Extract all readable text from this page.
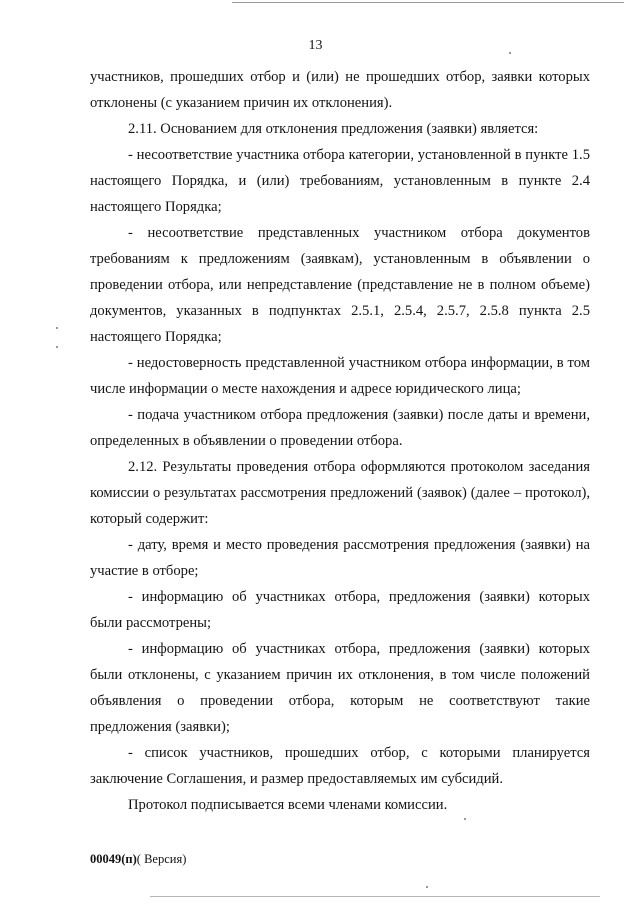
13

участников, прошедших отбор и (или) не прошедших отбор, заявки которых отклонены (с указанием причин их отклонения).

2.11. Основанием для отклонения предложения (заявки) является:

- несоответствие участника отбора категории, установленной в пункте 1.5 настоящего Порядка, и (или) требованиям, установленным в пункте 2.4 настоящего Порядка;

- несоответствие представленных участником отбора документов требованиям к предложениям (заявкам), установленным в объявлении о проведении отбора, или непредставление (представление не в полном объеме) документов, указанных в подпунктах 2.5.1, 2.5.4, 2.5.7, 2.5.8 пункта 2.5 настоящего Порядка;

- недостоверность представленной участником отбора информации, в том числе информации о месте нахождения и адресе юридического лица;

- подача участником отбора предложения (заявки) после даты и времени, определенных в объявлении о проведении отбора.

2.12. Результаты проведения отбора оформляются протоколом заседания комиссии о результатах рассмотрения предложений (заявок) (далее – протокол), который содержит:

- дату, время и место проведения рассмотрения предложения (заявки) на участие в отборе;

- информацию об участниках отбора, предложения (заявки) которых были рассмотрены;

- информацию об участниках отбора, предложения (заявки) которых были отклонены, с указанием причин их отклонения, в том числе положений объявления о проведении отбора, которым не соответствуют такие предложения (заявки);

- список участников, прошедших отбор, с которыми планируется заключение Соглашения, и размер предоставляемых им субсидий.

Протокол подписывается всеми членами комиссии.

00049(п)( Версия)
